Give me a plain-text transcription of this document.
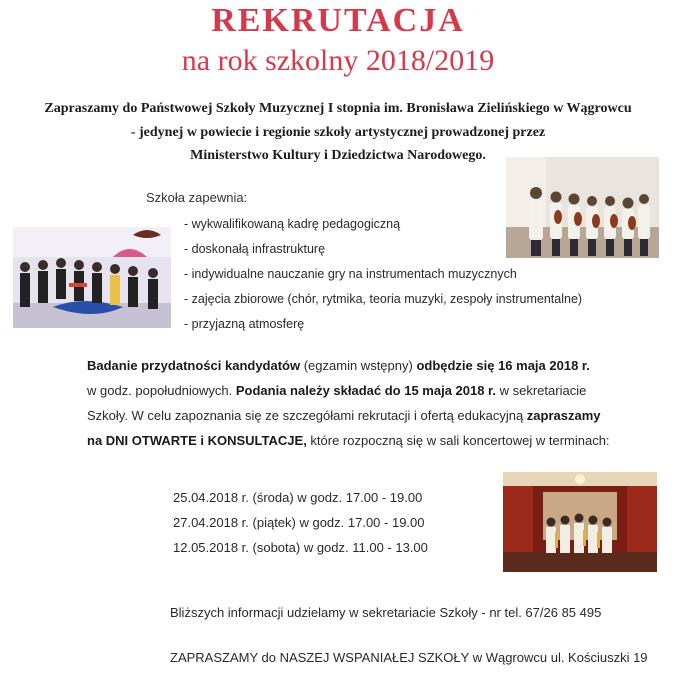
REKRUTACJA
na rok szkolny 2018/2019
Zapraszamy do Państwowej Szkoły Muzycznej I stopnia im. Bronisława Zielińskiego w Wągrowcu
- jedynej w powiecie i regionie szkoły artystycznej prowadzonej przez
Ministerstwo Kultury i Dziedzictwa Narodowego.
Szkoła zapewnia:
- wykwalifikowaną kadrę pedagogiczną
- doskonałą infrastrukturę
- indywidualne nauczanie gry na instrumentach muzycznych
- zajęcia zbiorowe (chór, rytmika, teoria muzyki, zespoły instrumentalne)
- przyjazną atmosferę
Badanie przydatności kandydatów (egzamin wstępny) odbędzie się 16 maja 2018 r.
w godz. popołudniowych. Podania należy składać do 15 maja 2018 r. w sekretariacie
Szkoły. W celu zapoznania się ze szczegółami rekrutacji i ofertą edukacyjną zapraszamy
na DNI OTWARTE i KONSULTACJE, które rozpoczną się w sali koncertowej w terminach:
25.04.2018 r. (środa) w godz. 17.00 - 19.00
27.04.2018 r. (piątek) w godz. 17.00 - 19.00
12.05.2018 r. (sobota) w godz. 11.00 - 13.00
Bliższych informacji udzielamy w sekretariacie Szkoły - nr tel. 67/26 85 495
ZAPRASZAMY do NASZEJ WSPANIAŁEJ SZKOŁY w Wągrowcu ul. Kościuszki 19
